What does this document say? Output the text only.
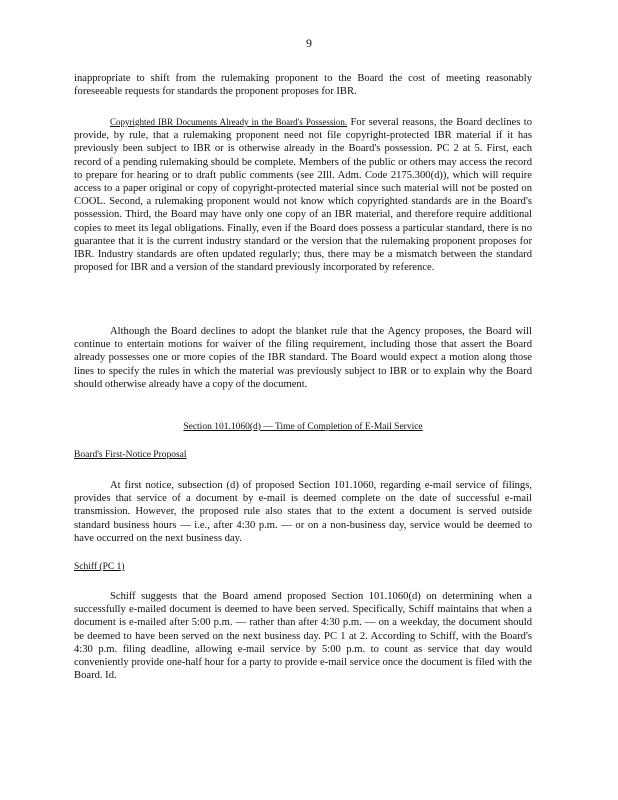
9

inappropriate to shift from the rulemaking proponent to the Board the cost of meeting reasonably foreseeable requests for standards the proponent proposes for IBR.

Copyrighted IBR Documents Already in the Board's Possession. For several reasons, the Board declines to provide, by rule, that a rulemaking proponent need not file copyright-protected IBR material if it has previously been subject to IBR or is otherwise already in the Board's possession. PC 2 at 5. First, each record of a pending rulemaking should be complete. Members of the public or others may access the record to prepare for hearing or to draft public comments (see 2Ill. Adm. Code 2175.300(d)), which will require access to a paper original or copy of copyright-protected material since such material will not be posted on COOL. Second, a rulemaking proponent would not know which copyrighted standards are in the Board's possession. Third, the Board may have only one copy of an IBR material, and therefore require additional copies to meet its legal obligations. Finally, even if the Board does possess a particular standard, there is no guarantee that it is the current industry standard or the version that the rulemaking proponent proposes for IBR. Industry standards are often updated regularly; thus, there may be a mismatch between the standard proposed for IBR and a version of the standard previously incorporated by reference.

Although the Board declines to adopt the blanket rule that the Agency proposes, the Board will continue to entertain motions for waiver of the filing requirement, including those that assert the Board already possesses one or more copies of the IBR standard. The Board would expect a motion along those lines to specify the rules in which the material was previously subject to IBR or to explain why the Board should otherwise already have a copy of the document.

Section 101.1060(d) — Time of Completion of E-Mail Service
Board's First-Notice Proposal

At first notice, subsection (d) of proposed Section 101.1060, regarding e-mail service of filings, provides that service of a document by e-mail is deemed complete on the date of successful e-mail transmission. However, the proposed rule also states that to the extent a document is served outside standard business hours — i.e., after 4:30 p.m. — or on a non-business day, service would be deemed to have occurred on the next business day.

Schiff (PC 1)

Schiff suggests that the Board amend proposed Section 101.1060(d) on determining when a successfully e-mailed document is deemed to have been served. Specifically, Schiff maintains that when a document is e-mailed after 5:00 p.m. — rather than after 4:30 p.m. — on a weekday, the document should be deemed to have been served on the next business day. PC 1 at 2. According to Schiff, with the Board's 4:30 p.m. filing deadline, allowing e-mail service by 5:00 p.m. to count as service that day would conveniently provide one-half hour for a party to provide e-mail service once the document is filed with the Board. Id.
